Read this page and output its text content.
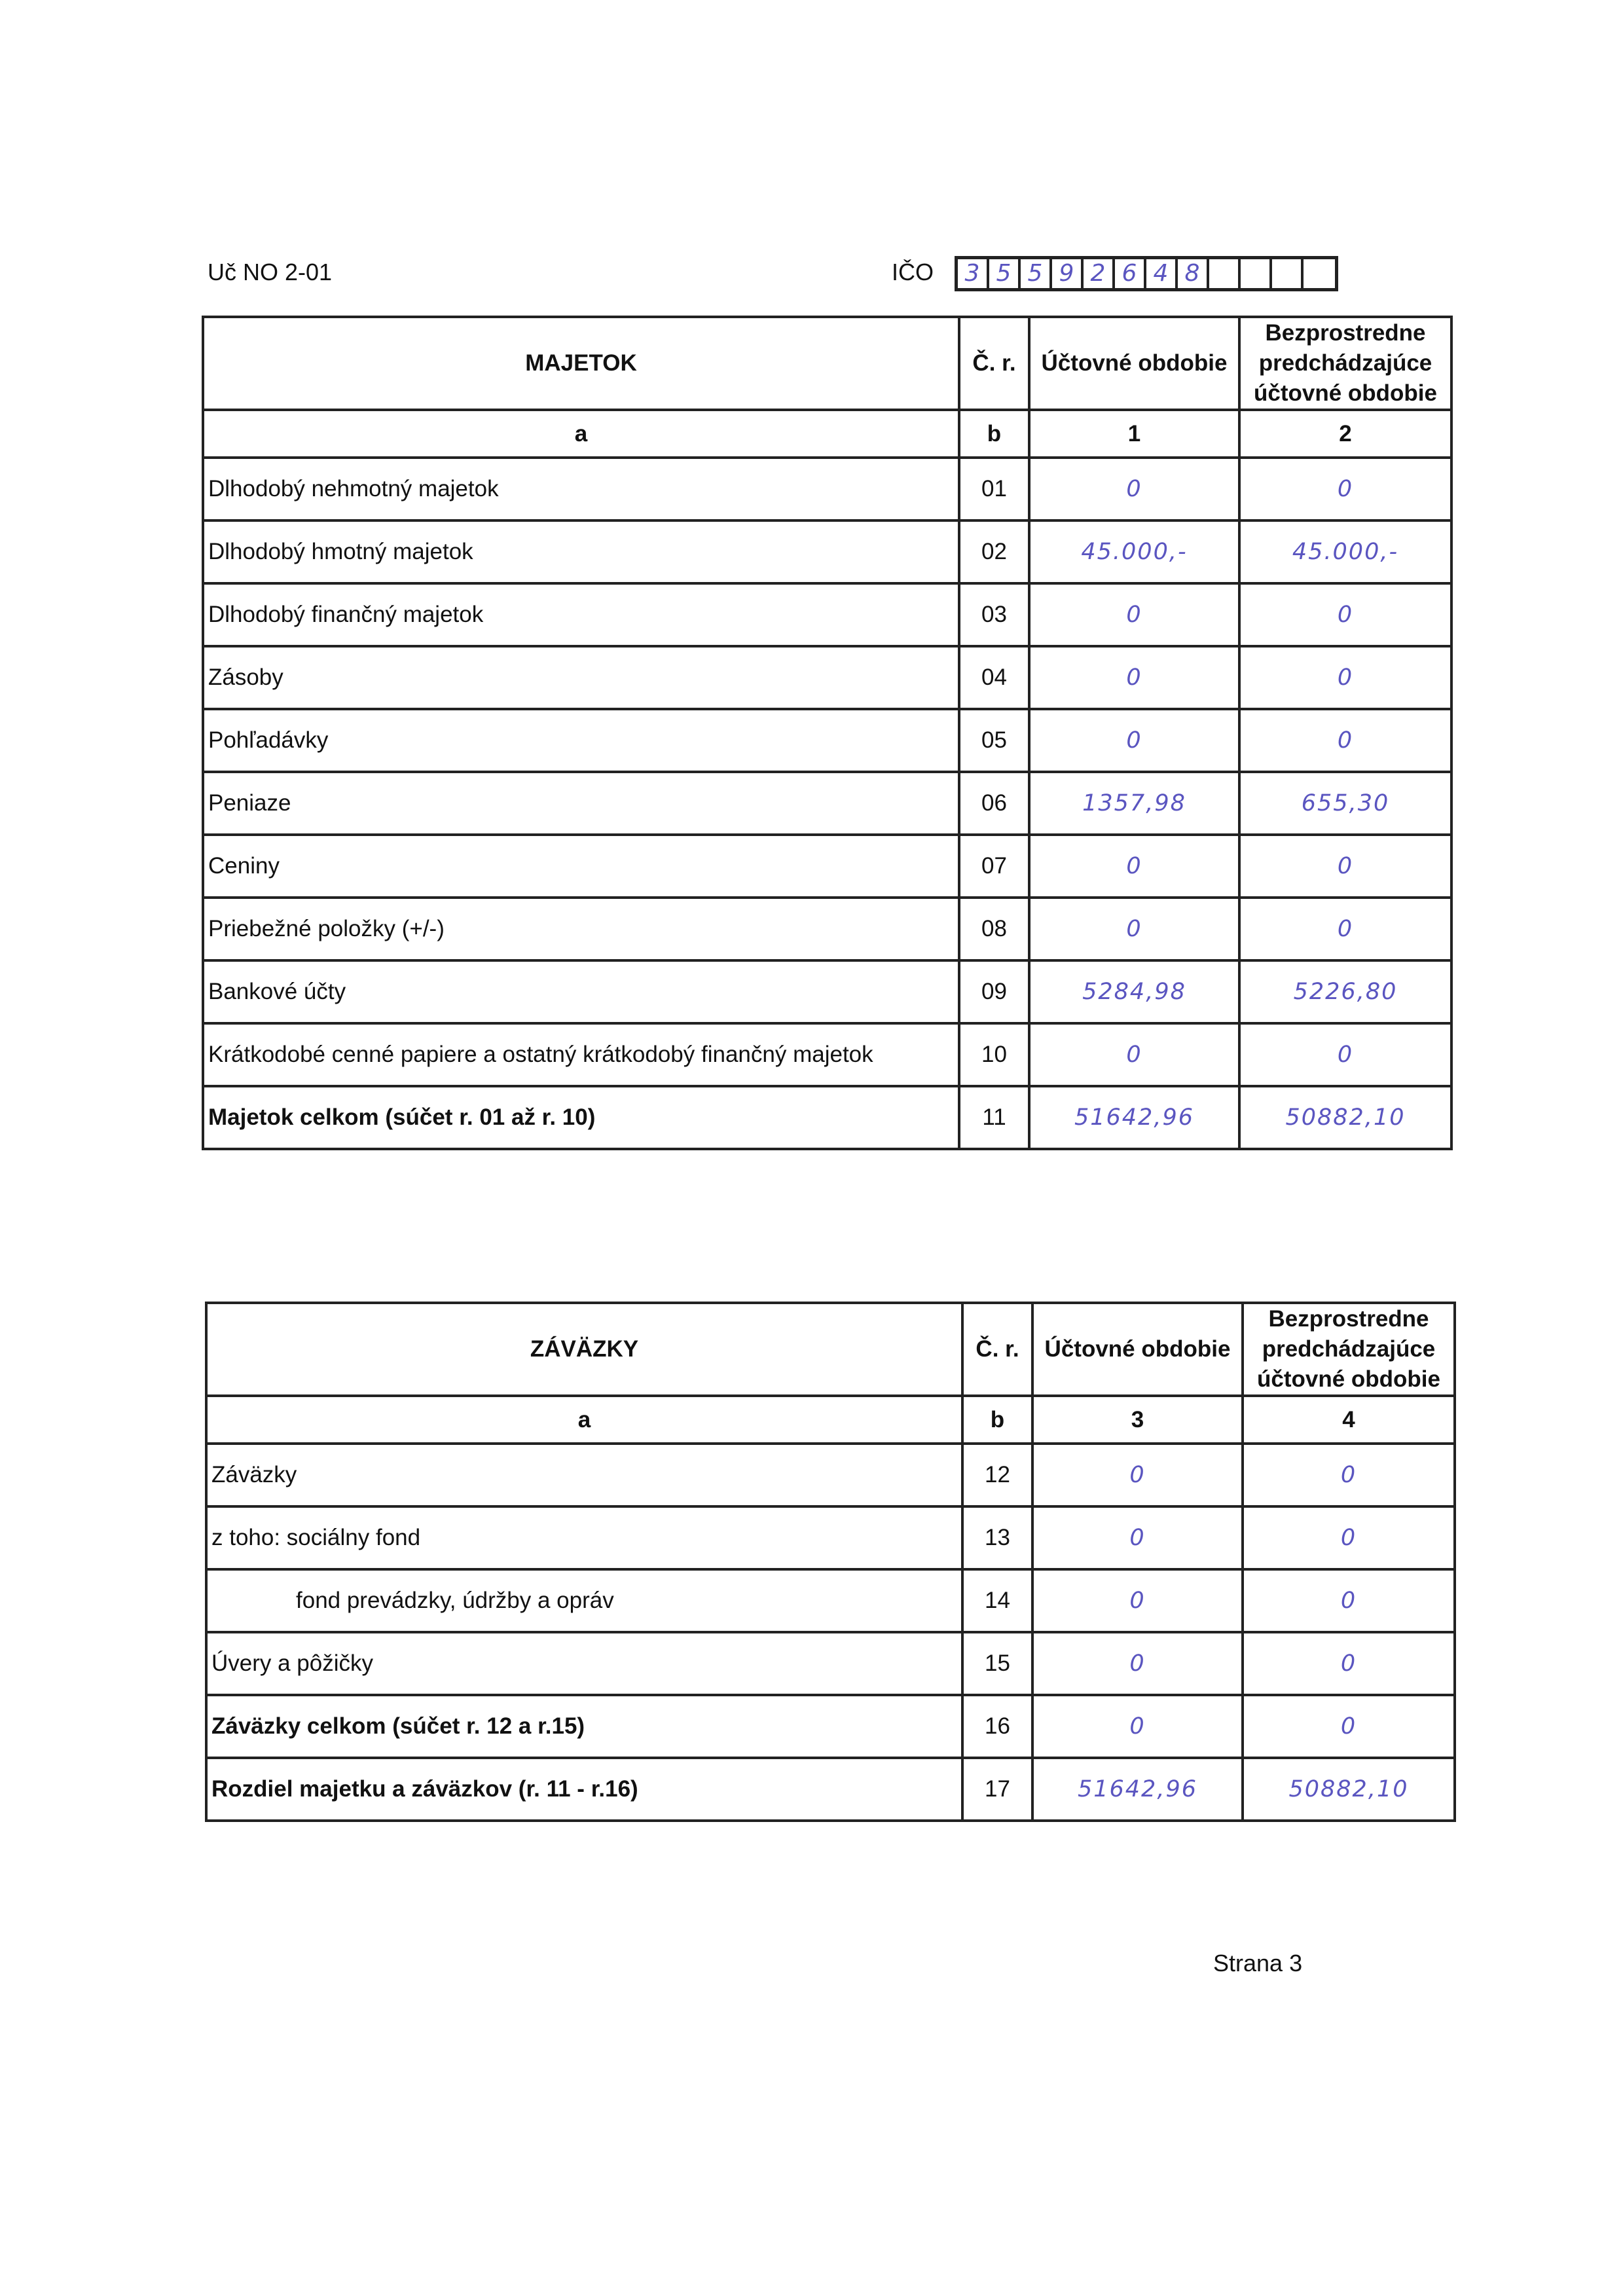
Uč NO 2-01	IČO 3 5 5 9 2 6 4 8
MAJETOK	Č. r.	Účtovné obdobie	Bezprostredne predchádzajúce účtovné obdobie
a	b	1	2
Dlhodobý nehmotný majetok	01	0	0
Dlhodobý hmotný majetok	02	45.000,-	45.000,-
Dlhodobý finančný majetok	03	0	0
Zásoby	04	0	0
Pohľadávky	05	0	0
Peniaze	06	1357,98	655,30
Ceniny	07	0	0
Priebežné položky (+/-)	08	0	0
Bankové účty	09	5284,98	5226,80
Krátkodobé cenné papiere a ostatný krátkodobý finančný majetok	10	0	0
Majetok celkom (súčet r. 01 až r. 10)	11	51642,96	50882,10
ZÁVÄZKY	Č. r.	Účtovné obdobie	Bezprostredne predchádzajúce účtovné obdobie
a	b	3	4
Záväzky	12	0	0
z toho: sociálny fond	13	0	0
fond prevádzky, údržby a opráv	14	0	0
Úvery a pôžičky	15	0	0
Záväzky celkom (súčet r. 12 a r.15)	16	0	0
Rozdiel majetku a záväzkov (r. 11 - r.16)	17	51642,96	50882,10
Strana 3
